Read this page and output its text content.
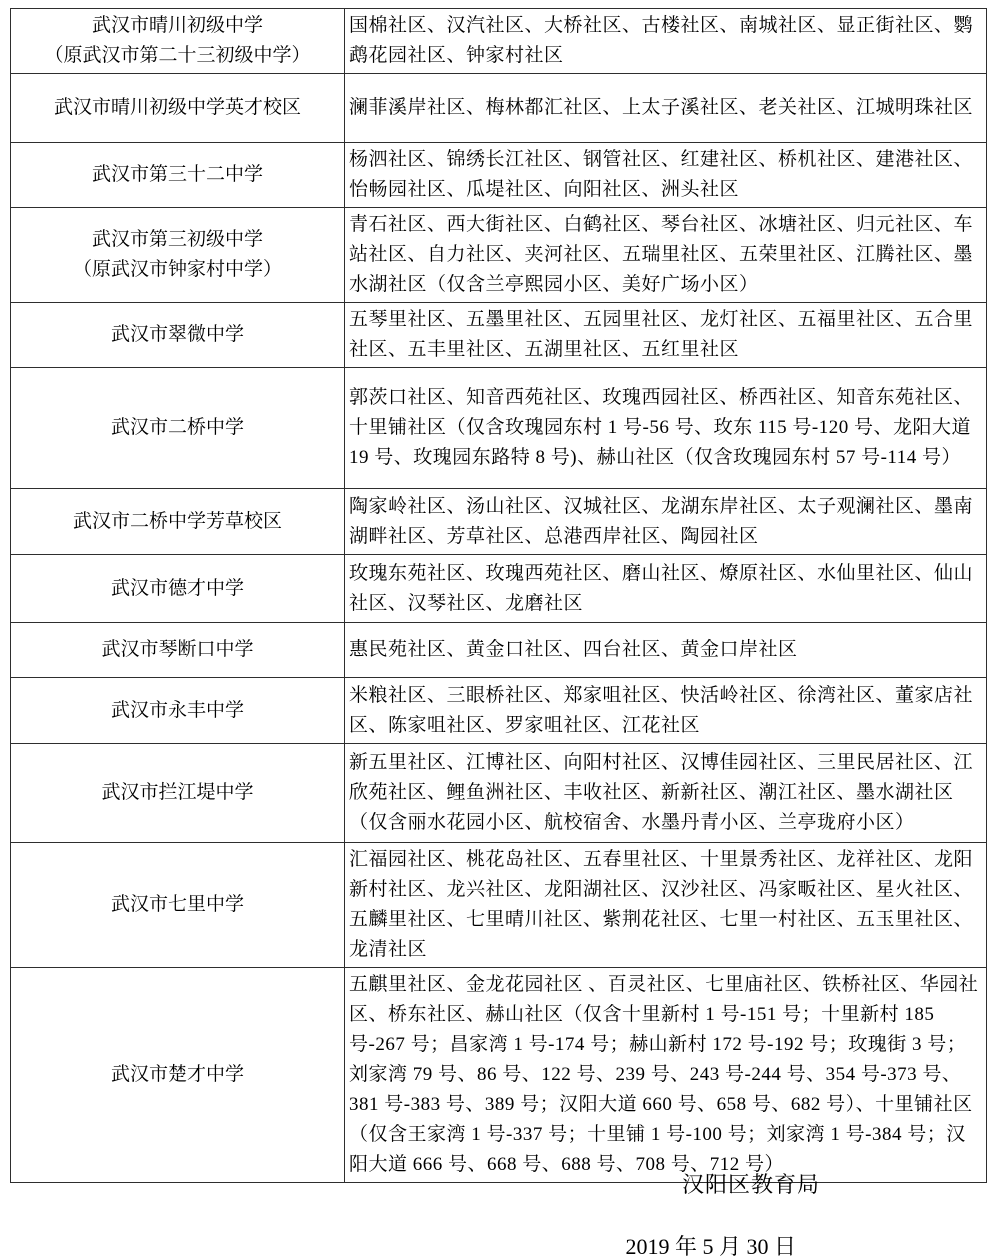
武汉市晴川初级中学
（原武汉市第二十三初级中学）	国棉社区、汉汽社区、大桥社区、古楼社区、南城社区、显正街社区、鹦鹉花园社区、钟家村社区
武汉市晴川初级中学英才校区	澜菲溪岸社区、梅林都汇社区、上太子溪社区、老关社区、江城明珠社区
武汉市第三十二中学	杨泗社区、锦绣长江社区、钢管社区、红建社区、桥机社区、建港社区、怡畅园社区、瓜堤社区、向阳社区、洲头社区
武汉市第三初级中学
（原武汉市钟家村中学）	青石社区、西大街社区、白鹤社区、琴台社区、冰塘社区、归元社区、车站社区、自力社区、夹河社区、五瑞里社区、五荣里社区、江腾社区、墨水湖社区（仅含兰亭熙园小区、美好广场小区）
武汉市翠微中学	五琴里社区、五墨里社区、五园里社区、龙灯社区、五福里社区、五合里社区、五丰里社区、五湖里社区、五红里社区
武汉市二桥中学	郭茨口社区、知音西苑社区、玫瑰西园社区、桥西社区、知音东苑社区、十里铺社区（仅含玫瑰园东村 1 号-56 号、玫东 115 号-120 号、龙阳大道 19 号、玫瑰园东路特 8 号)、赫山社区（仅含玫瑰园东村 57 号-114 号）
武汉市二桥中学芳草校区	陶家岭社区、汤山社区、汉城社区、龙湖东岸社区、太子观澜社区、墨南湖畔社区、芳草社区、总港西岸社区、陶园社区
武汉市德才中学	玫瑰东苑社区、玫瑰西苑社区、磨山社区、燎原社区、水仙里社区、仙山社区、汉琴社区、龙磨社区
武汉市琴断口中学	惠民苑社区、黄金口社区、四台社区、黄金口岸社区
武汉市永丰中学	米粮社区、三眼桥社区、郑家咀社区、快活岭社区、徐湾社区、董家店社区、陈家咀社区、罗家咀社区、江花社区
武汉市拦江堤中学	新五里社区、江博社区、向阳村社区、汉博佳园社区、三里民居社区、江欣苑社区、鲤鱼洲社区、丰收社区、新新社区、潮江社区、墨水湖社区（仅含丽水花园小区、航校宿舍、水墨丹青小区、兰亭珑府小区）
武汉市七里中学	汇福园社区、桃花岛社区、五春里社区、十里景秀社区、龙祥社区、龙阳新村社区、龙兴社区、龙阳湖社区、汉沙社区、冯家畈社区、星火社区、五麟里社区、七里晴川社区、紫荆花社区、七里一村社区、五玉里社区、龙清社区
武汉市楚才中学	五麒里社区、金龙花园社区 、百灵社区、七里庙社区、铁桥社区、华园社区、桥东社区、赫山社区（仅含十里新村 1 号-151 号；十里新村 185 号-267 号；昌家湾 1 号-174 号；赫山新村 172 号-192 号；玫瑰街 3 号；刘家湾 79 号、86 号、122 号、239 号、243 号-244 号、354 号-373 号、381 号-383 号、389 号；汉阳大道 660 号、658 号、682 号）、十里铺社区（仅含王家湾 1 号-337 号；十里铺 1 号-100 号；刘家湾 1 号-384 号；汉阳大道 666 号、668 号、688 号、708 号、712 号）
汉阳区教育局
2019 年 5 月 30 日
